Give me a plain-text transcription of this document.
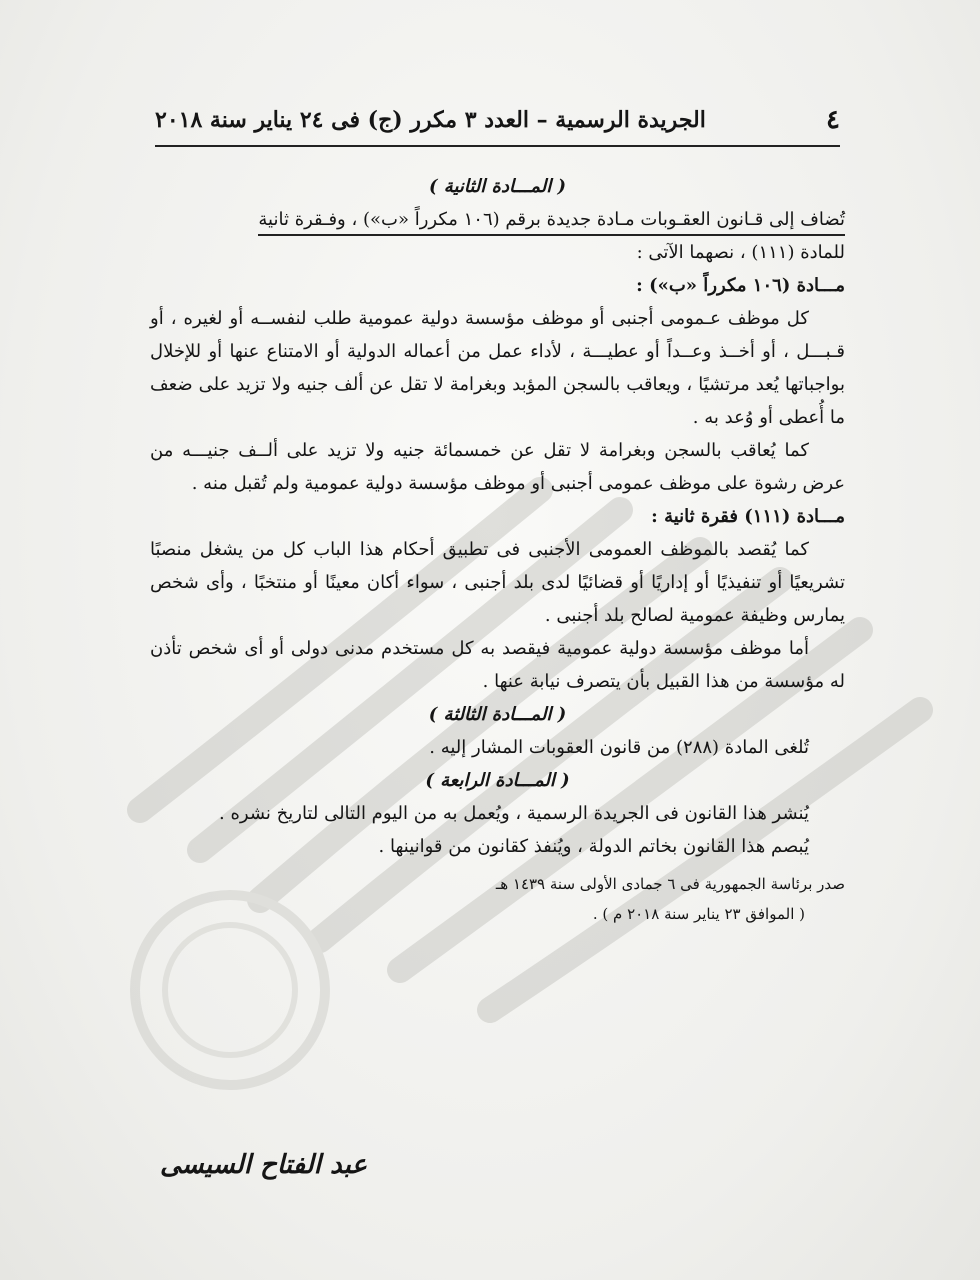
٤
الجريدة الرسمية – العدد ٣ مكرر (ج) فى ٢٤ يناير سنة ٢٠١٨

( المـــادة الثانية )

تُضاف إلى قـانون العقـوبات مـادة جديدة برقم (١٠٦ مكرراً «ب») ، وفـقرة ثانية

للمادة (١١١) ، نصهما الآتى :

مـــادة (١٠٦ مكرراً «ب») :

كل موظف عـمومى أجنبى أو موظف مؤسسة دولية عمومية طلب لنفســه أو لغيره ، أو قـبـــل ، أو أخــذ وعــداً أو عطيـــة ، لأداء عمل من أعماله الدولية أو الامتناع عنها أو للإخلال بواجباتها يُعد مرتشيًا ، ويعاقب بالسجن المؤبد وبغرامة لا تقل عن ألف جنيه ولا تزيد على ضعف ما أُعطى أو وُعد به .

كما يُعاقب بالسجن وبغرامة لا تقل عن خمسمائة جنيه ولا تزيد على ألــف جنيـــه من عرض رشوة على موظف عمومى أجنبى أو موظف مؤسسة دولية عمومية ولم تُقبل منه .

مـــادة (١١١) فقرة ثانية :

كما يُقصد بالموظف العمومى الأجنبى فى تطبيق أحكام هذا الباب كل من يشغل منصبًا تشريعيًا أو تنفيذيًا أو إداريًا أو قضائيًا لدى بلد أجنبى ، سواء أكان معينًا أو منتخبًا ، وأى شخص يمارس وظيفة عمومية لصالح بلد أجنبى .

أما موظف مؤسسة دولية عمومية فيقصد به كل مستخدم مدنى دولى أو أى شخص تأذن له مؤسسة من هذا القبيل بأن يتصرف نيابة عنها .

( المـــادة الثالثة )

تُلغى المادة (٢٨٨) من قانون العقوبات المشار إليه .

( المـــادة الرابعة )

يُنشر هذا القانون فى الجريدة الرسمية ، ويُعمل به من اليوم التالى لتاريخ نشره .

يُبصم هذا القانون بخاتم الدولة ، ويُنفذ كقانون من قوانينها .

صدر برئاسة الجمهورية فى ٦ جمادى الأولى سنة ١٤٣٩ هـ

( الموافق ٢٣ يناير سنة ٢٠١٨ م ) .

عبد الفتاح السيسى
